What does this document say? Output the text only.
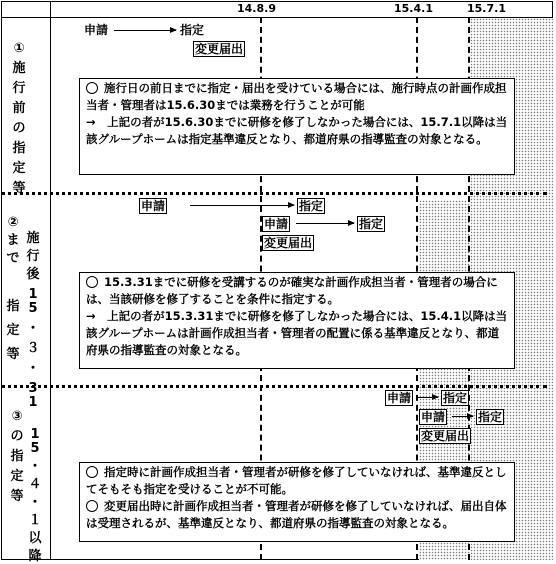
14.8.9	15.4.1	15.7.1
①
施
行
前
の
指
定
等
申請	指定
変更届出

施行日の前日までに指定・届出を受けている場合には、施行時点の計画作成担当者・管理者は15.6.30までは業務を行うことが可能

→　上記の者が15.6.30までに研修を修了しなかった場合には、15.7.1以降は当該グループホームは指定基準違反となり、都道府県の指導監査の対象となる。

②
ま
で
指
定
等
施
行
後
15
・
３
・
31
申請	指定
申請	指定
変更届出

15.3.31までに研修を受講するのが確実な計画作成担当者・管理者の場合には、当該研修を修了することを条件に指定する。

→　上記の者が15.3.31までに研修を修了しなかった場合には、15.4.1以降は当該グループホームは計画作成担当者・管理者の配置に係る基準違反となり、都道府県の指導監査の対象となる。

③
の
指
定
等
15
・
４
・
１
以
降
申請	指定
申請	指定
変更届出

指定時に計画作成担当者・管理者が研修を修了していなければ、基準違反としてそもそも指定を受けることが不可能。

変更届出時に計画作成担当者・管理者が研修を修了していなければ、届出自体は受理されるが、基準違反となり、都道府県の指導監査の対象となる。
